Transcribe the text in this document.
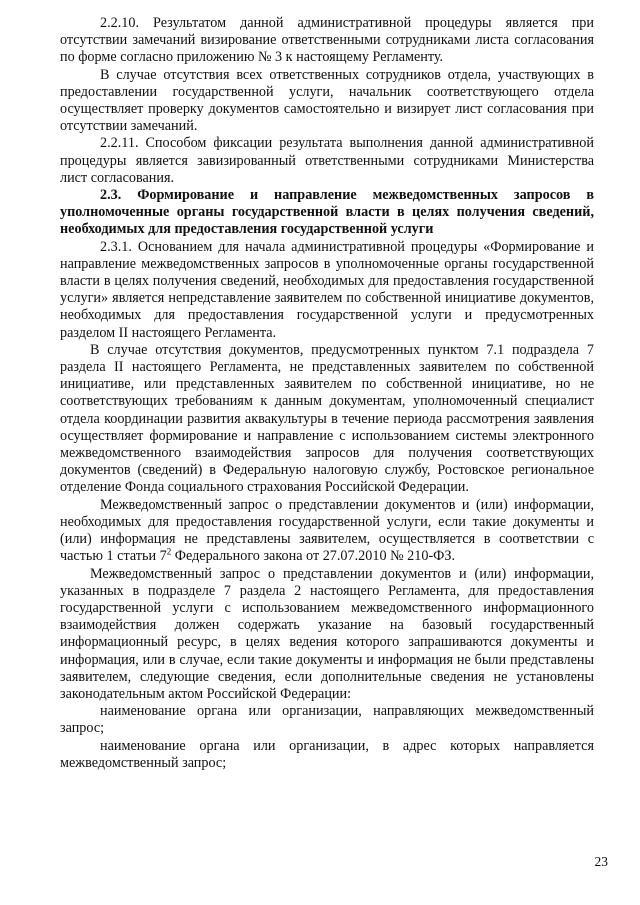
2.2.10. Результатом данной административной процедуры является при отсутствии замечаний визирование ответственными сотрудниками листа согласования по форме согласно приложению № 3 к настоящему Регламенту.

В случае отсутствия всех ответственных сотрудников отдела, участвующих в предоставлении государственной услуги, начальник соответствующего отдела осуществляет проверку документов самостоятельно и визирует лист согласования при отсутствии замечаний.

2.2.11. Способом фиксации результата выполнения данной административной процедуры является завизированный ответственными сотрудниками Министерства лист согласования.

2.3. Формирование и направление межведомственных запросов в уполномоченные органы государственной власти в целях получения сведений, необходимых для предоставления государственной услуги

2.3.1. Основанием для начала административной процедуры «Формирование и направление межведомственных запросов в уполномоченные органы государственной власти в целях получения сведений, необходимых для предоставления государственной услуги» является непредставление заявителем по собственной инициативе документов, необходимых для предоставления государственной услуги и предусмотренных разделом II настоящего Регламента.

В случае отсутствия документов, предусмотренных пунктом 7.1 подраздела 7 раздела II настоящего Регламента, не представленных заявителем по собственной инициативе, или представленных заявителем по собственной инициативе, но не соответствующих требованиям к данным документам, уполномоченный специалист отдела координации развития аквакультуры в течение периода рассмотрения заявления осуществляет формирование и направление с использованием системы электронного межведомственного взаимодействия запросов для получения соответствующих документов (сведений) в Федеральную налоговую службу, Ростовское региональное отделение Фонда социального страхования Российской Федерации.

Межведомственный запрос о представлении документов и (или) информации, необходимых для предоставления государственной услуги, если такие документы и (или) информация не представлены заявителем, осуществляется в соответствии с частью 1 статьи $7^2$ Федерального закона от 27.07.2010 № 210-ФЗ.

Межведомственный запрос о представлении документов и (или) информации, указанных в подразделе 7 раздела 2 настоящего Регламента, для предоставления государственной услуги с использованием межведомственного информационного взаимодействия должен содержать указание на базовый государственный информационный ресурс, в целях ведения которого запрашиваются документы и информация, или в случае, если такие документы и информация не были представлены заявителем, следующие сведения, если дополнительные сведения не установлены законодательным актом Российской Федерации:

наименование органа или организации, направляющих межведомственный запрос;

наименование органа или организации, в адрес которых направляется межведомственный запрос;

23
